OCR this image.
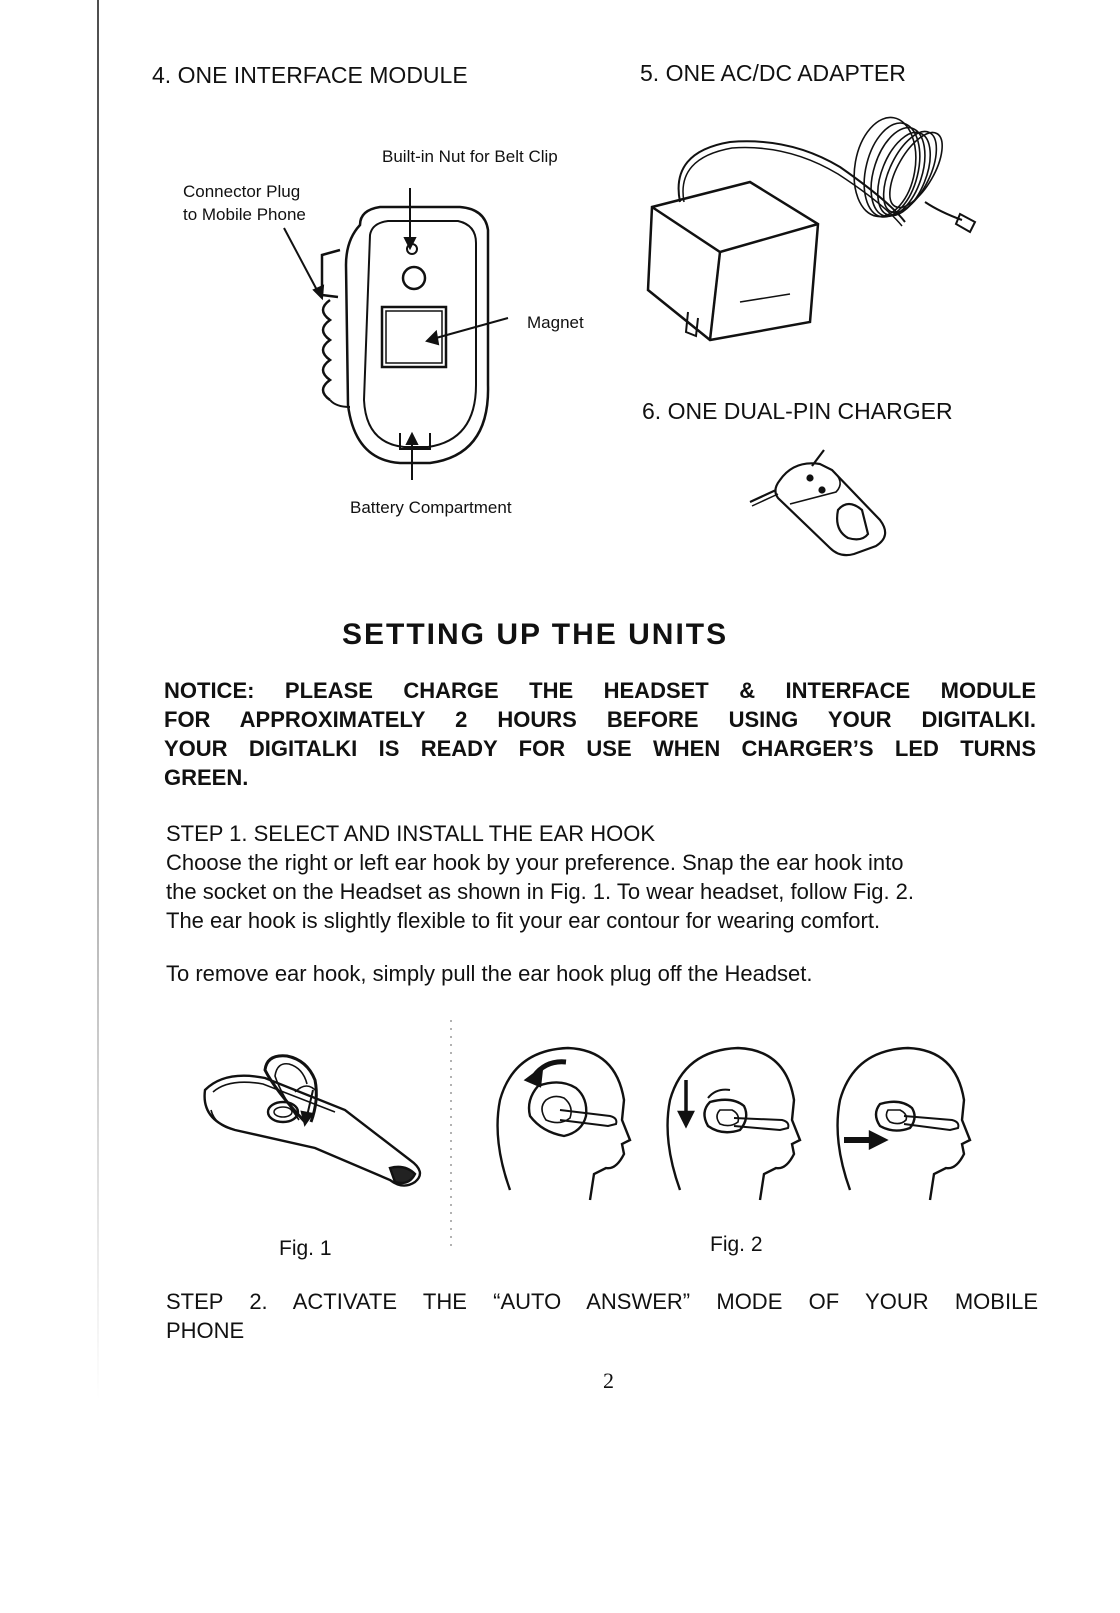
4. ONE INTERFACE MODULE	5. ONE AC/DC ADAPTER
6. ONE DUAL-PIN CHARGER
Built-in Nut for Belt Clip
Connector Plug
to Mobile Phone
Magnet
Battery Compartment
SETTING UP THE UNITS
NOTICE: PLEASE CHARGE THE HEADSET & INTERFACE MODULE
FOR APPROXIMATELY 2 HOURS BEFORE USING YOUR DIGITALKI.
YOUR DIGITALKI IS READY FOR USE WHEN CHARGER’S LED TURNS
GREEN.
STEP 1. SELECT AND INSTALL THE EAR HOOK
Choose the right or left ear hook by your preference. Snap the ear hook into
the socket on the Headset as shown in Fig. 1. To wear headset, follow Fig. 2.
The ear hook is slightly flexible to fit your ear contour for wearing comfort.
To remove ear hook, simply pull the ear hook plug off the Headset.
Fig. 1	Fig. 2
STEP 2. ACTIVATE THE “AUTO ANSWER” MODE OF YOUR MOBILE
PHONE
2
